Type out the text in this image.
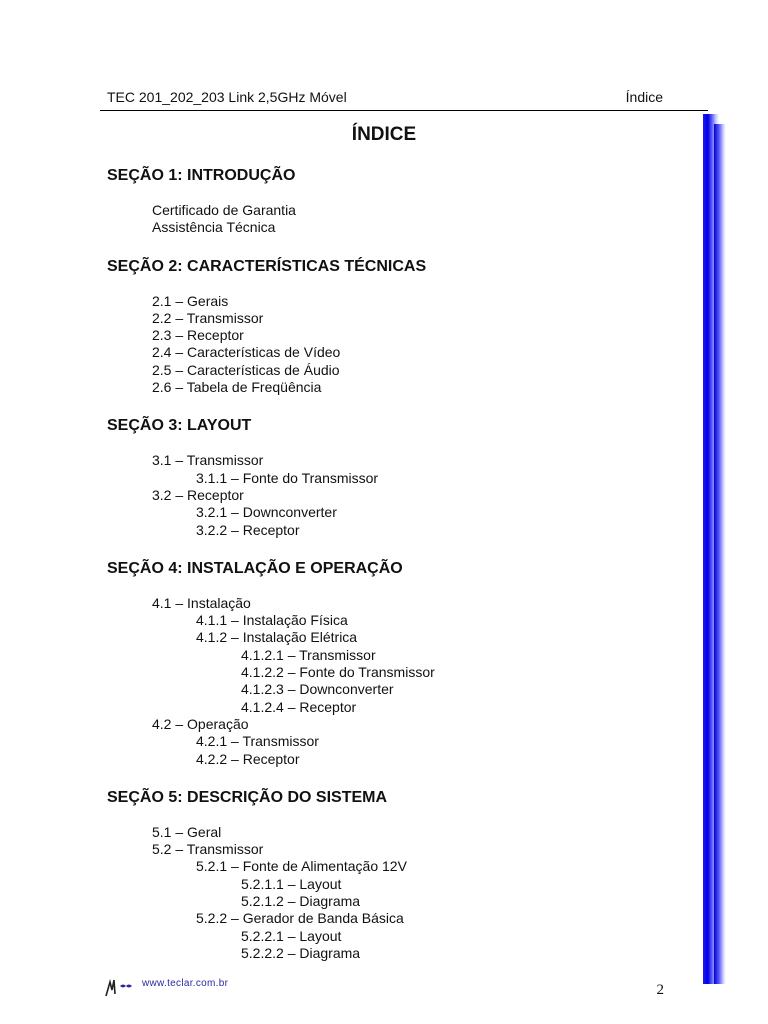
TEC 201_202_203 Link 2,5GHz Móvel	Índice
ÍNDICE
SEÇÃO 1: INTRODUÇÃO
Certificado de Garantia
Assistência Técnica
SEÇÃO 2: CARACTERÍSTICAS TÉCNICAS
2.1 – Gerais
2.2 – Transmissor
2.3 – Receptor
2.4 – Características de Vídeo
2.5 – Características de Áudio
2.6 – Tabela de Freqüência
SEÇÃO 3: LAYOUT
3.1 – Transmissor
3.1.1 – Fonte do Transmissor
3.2 – Receptor
3.2.1 – Downconverter
3.2.2 – Receptor
SEÇÃO 4: INSTALAÇÃO E OPERAÇÃO
4.1 – Instalação
4.1.1 – Instalação Física
4.1.2 – Instalação Elétrica
4.1.2.1 – Transmissor
4.1.2.2 – Fonte do Transmissor
4.1.2.3 – Downconverter
4.1.2.4 – Receptor
4.2 – Operação
4.2.1 – Transmissor
4.2.2 – Receptor
SEÇÃO 5: DESCRIÇÃO DO SISTEMA
5.1 – Geral
5.2 – Transmissor
5.2.1 – Fonte de Alimentação 12V
5.2.1.1 – Layout
5.2.1.2 – Diagrama
5.2.2 – Gerador de Banda Básica
5.2.2.1 – Layout
5.2.2.2 – Diagrama
www.teclar.com.br	2
